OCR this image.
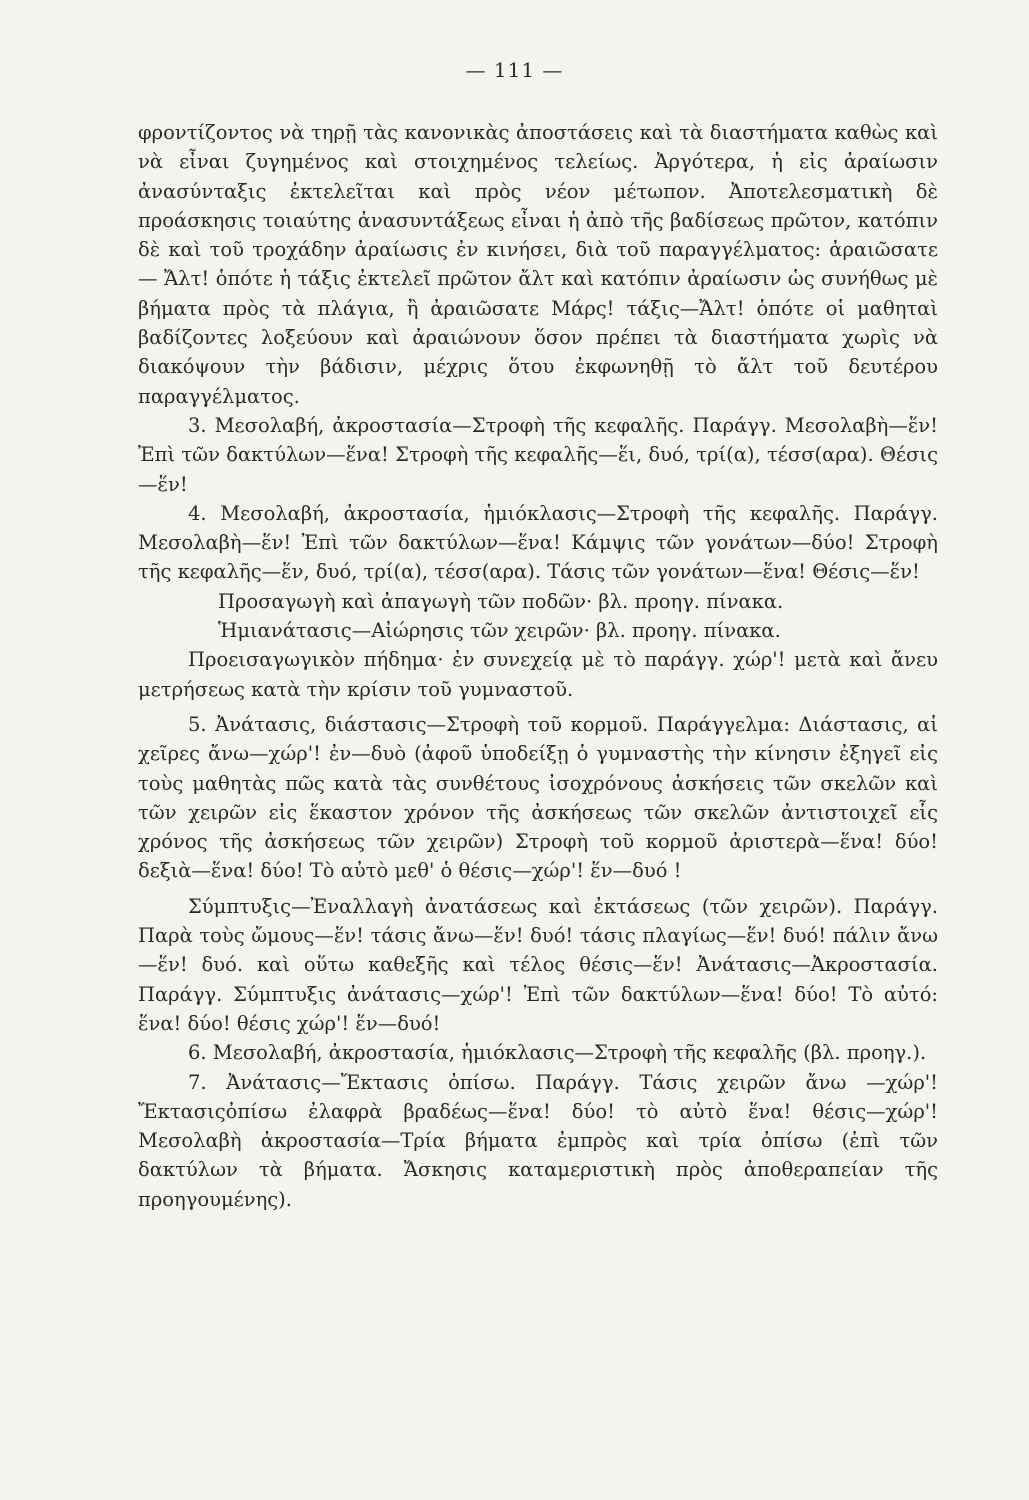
— 111 —

φροντίζοντος νὰ τηρῇ τὰς κανονικὰς ἀποστάσεις καὶ τὰ διαστήματα καθὼς καὶ νὰ εἶναι ζυγημένος καὶ στοιχημένος τελείως. Ἀργότερα, ἡ εἰς ἀραίωσιν ἀνασύνταξις ἐκτελεῖται καὶ πρὸς νέον μέτωπον. Ἀποτελεσματικὴ δὲ προάσκησις τοιαύτης ἀνασυντάξεως εἶναι ἡ ἀπὸ τῆς βαδίσεως πρῶτον, κατόπιν δὲ καὶ τοῦ τροχάδην ἀραίωσις ἐν κινήσει, διὰ τοῦ παραγγέλματος: ἀραιῶσατε — Ἄλτ! ὁπότε ἡ τάξις ἐκτελεῖ πρῶτον ἄλτ καὶ κατόπιν ἀραίωσιν ὡς συνήθως μὲ βήματα πρὸς τὰ πλάγια, ἢ ἀραιῶσατε Μάρς! τάξις—Ἄλτ! ὁπότε οἱ μαθηταὶ βαδίζοντες λοξεύουν καὶ ἀραιώνουν ὅσον πρέπει τὰ διαστήματα χωρὶς νὰ διακόψουν τὴν βάδισιν, μέχρις ὅτου ἐκφωνηθῇ τὸ ἄλτ τοῦ δευτέρου παραγγέλματος.

3. Μεσολαβή, ἀκροστασία—Στροφὴ τῆς κεφαλῆς. Παράγγ. Μεσολαβὴ—ἕν! Ἐπὶ τῶν δακτύλων—ἕνα! Στροφὴ τῆς κεφαλῆς—ἕι, δυό, τρί(α), τέσσ(αρα). Θέσις—ἕν!

4. Μεσολαβή, ἀκροστασία, ἡμιόκλασις—Στροφὴ τῆς κεφαλῆς. Παράγγ. Μεσολαβὴ—ἕν! Ἐπὶ τῶν δακτύλων—ἕνα! Κάμψις τῶν γονάτων—δύο! Στροφὴ τῆς κεφαλῆς—ἕν, δυό, τρί(α), τέσσ(αρα). Τάσις τῶν γονάτων—ἕνα! Θέσις—ἕν!

Προσαγωγὴ καὶ ἀπαγωγὴ τῶν ποδῶν· βλ. προηγ. πίνακα.

Ἡμιανάτασις—Αἰώρησις τῶν χειρῶν· βλ. προηγ. πίνακα.

Προεισαγωγικὸν πήδημα· ἐν συνεχείᾳ μὲ τὸ παράγγ. χώρ'! μετὰ καὶ ἄνευ μετρήσεως κατὰ τὴν κρίσιν τοῦ γυμναστοῦ.

5. Ἀνάτασις, διάστασις—Στροφὴ τοῦ κορμοῦ. Παράγγελμα: Διάστασις, αἱ χεῖρες ἄνω—χώρ'! ἐν—δυὸ (ἀφοῦ ὑποδείξῃ ὁ γυμναστὴς τὴν κίνησιν ἐξηγεῖ εἰς τοὺς μαθητὰς πῶς κατὰ τὰς συνθέτους ἰσοχρόνους ἀσκήσεις τῶν σκελῶν καὶ τῶν χειρῶν εἰς ἕκαστον χρόνον τῆς ἀσκήσεως τῶν σκελῶν ἀντιστοιχεῖ εἷς χρόνος τῆς ἀσκήσεως τῶν χειρῶν) Στροφὴ τοῦ κορμοῦ ἀριστερὰ—ἕνα! δύο! δεξιὰ—ἕνα! δύο! Τὸ αὐτὸ μεθ' ὁ θέσις—χώρ'! ἕν—δυό !

Σύμπτυξις—Ἐναλλαγὴ ἀνατάσεως καὶ ἐκτάσεως (τῶν χειρῶν). Παράγγ. Παρὰ τοὺς ὤμους—ἕν! τάσις ἄνω—ἕν! δυό! τάσις πλαγίως—ἕν! δυό! πάλιν ἄνω—ἕν! δυό. καὶ οὕτω καθεξῆς καὶ τέλος θέσις—ἕν! Ἀνάτασις—Ἀκροστασία. Παράγγ. Σύμπτυξις ἀνάτασις—χώρ'! Ἐπὶ τῶν δακτύλων—ἕνα! δύο! Τὸ αὐτό: ἕνα! δύο! θέσις χώρ'! ἕν—δυό!

6. Μεσολαβή, ἀκροστασία, ἡμιόκλασις—Στροφὴ τῆς κεφαλῆς (βλ. προηγ.).

7. Ἀνάτασις—Ἔκτασις ὀπίσω. Παράγγ. Τάσις χειρῶν ἄνω —χώρ'! Ἔκτασιςὀπίσω ἐλαφρὰ βραδέως—ἕνα! δύο! τὸ αὐτὸ ἕνα! θέσις—χώρ'! Μεσολαβὴ ἀκροστασία—Τρία βήματα ἐμπρὸς καὶ τρία ὀπίσω (ἐπὶ τῶν δακτύλων τὰ βήματα. Ἄσκησις καταμεριστικὴ πρὸς ἀποθεραπείαν τῆς προηγουμένης).
